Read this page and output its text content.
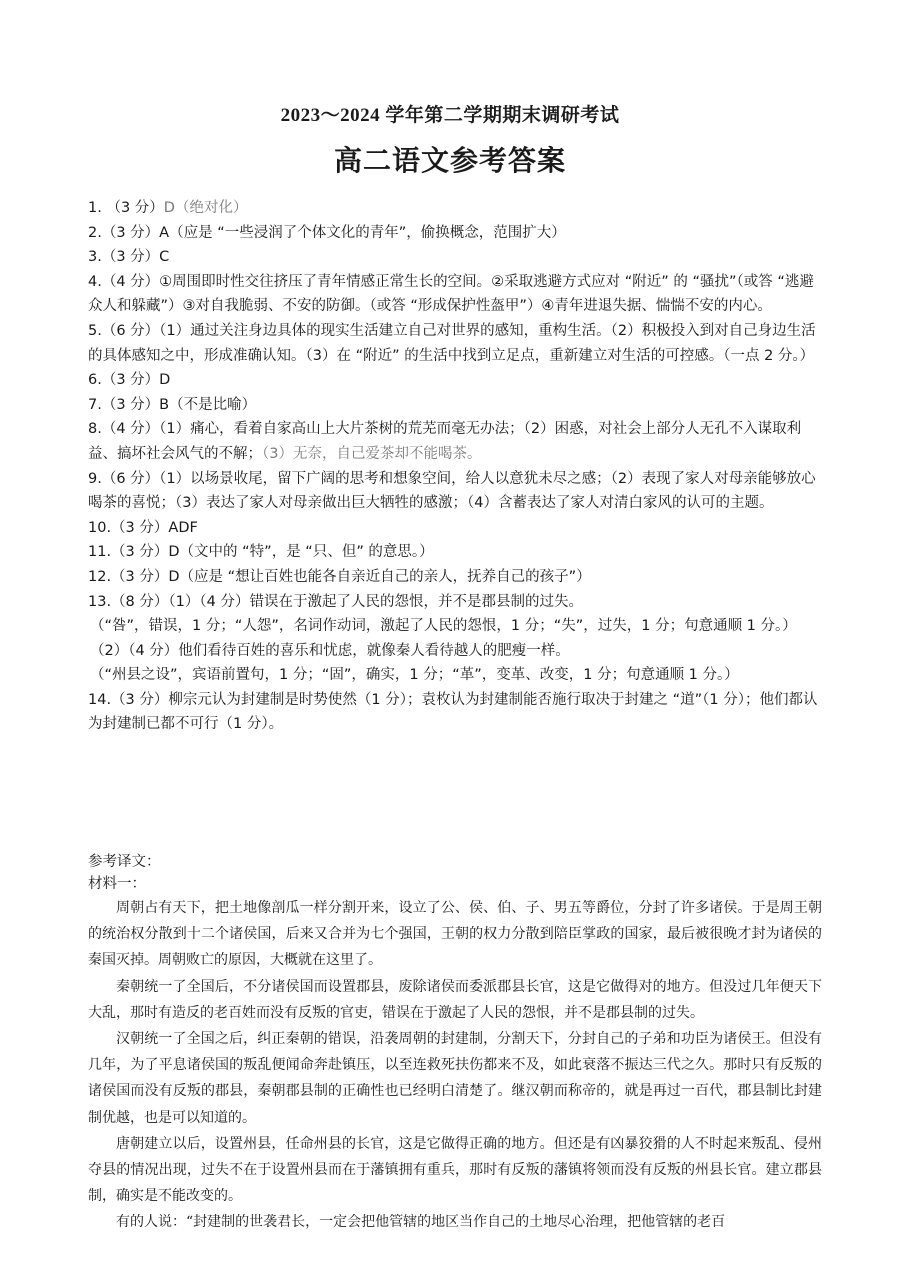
2023～2024 学年第二学期期末调研考试
高二语文参考答案

1. （3 分）D（绝对化）

2.（3 分）A（应是 “一些浸润了个体文化的青年”，偷换概念，范围扩大）

3.（3 分）C

4.（4 分）①周围即时性交往挤压了青年情感正常生长的空间。②采取逃避方式应对 “附近” 的 “骚扰”（或答 “逃避众人和躲藏”）③对自我脆弱、不安的防御。（或答 “形成保护性盔甲”）④青年进退失据、惴惴不安的内心。

5.（6 分）（1）通过关注身边具体的现实生活建立自己对世界的感知，重构生活。（2）积极投入到对自己身边生活的具体感知之中，形成准确认知。（3）在 “附近” 的生活中找到立足点，重新建立对生活的可控感。（一点 2 分。）

6.（3 分）D

7.（3 分）B（不是比喻）

8.（4 分）（1）痛心，看着自家高山上大片茶树的荒芜而毫无办法；（2）困惑，对社会上部分人无孔不入谋取利益、搞坏社会风气的不解；（3）无奈，自己爱茶却不能喝茶。

9.（6 分）（1）以场景收尾，留下广阔的思考和想象空间，给人以意犹未尽之感；（2）表现了家人对母亲能够放心喝茶的喜悦；（3）表达了家人对母亲做出巨大牺牲的感激；（4）含蓄表达了家人对清白家风的认可的主题。

10.（3 分）ADF

11.（3 分）D（文中的 “特”，是 “只、但” 的意思。）

12.（3 分）D（应是 “想让百姓也能各自亲近自己的亲人，抚养自己的孩子”）

13.（8 分）（1）（4 分）错误在于激起了人民的怨恨，并不是郡县制的过失。

（“咎”，错误，1 分；“人怨”，名词作动词，激起了人民的怨恨，1 分；“失”，过失，1 分；句意通顺 1 分。）

（2）（4 分）他们看待百姓的喜乐和忧虑，就像秦人看待越人的肥瘦一样。

（“州县之设”，宾语前置句，1 分；“固”，确实，1 分；“革”，变革、改变，1 分；句意通顺 1 分。）

14.（3 分）柳宗元认为封建制是时势使然（1 分）；袁枚认为封建制能否施行取决于封建之 “道”（1 分）；他们都认为封建制已都不可行（1 分）。

参考译文：

材料一：

周朝占有天下，把土地像剖瓜一样分割开来，设立了公、侯、伯、子、男五等爵位，分封了许多诸侯。于是周王朝的统治权分散到十二个诸侯国，后来又合并为七个强国，王朝的权力分散到陪臣掌政的国家，最后被很晚才封为诸侯的秦国灭掉。周朝败亡的原因，大概就在这里了。

秦朝统一了全国后，不分诸侯国而设置郡县，废除诸侯而委派郡县长官，这是它做得对的地方。但没过几年便天下大乱，那时有造反的老百姓而没有反叛的官吏，错误在于激起了人民的怨恨，并不是郡县制的过失。

汉朝统一了全国之后，纠正秦朝的错误，沿袭周朝的封建制，分割天下，分封自己的子弟和功臣为诸侯王。但没有几年，为了平息诸侯国的叛乱便闻命奔赴镇压，以至连救死扶伤都来不及，如此衰落不振达三代之久。那时只有反叛的诸侯国而没有反叛的郡县，秦朝郡县制的正确性也已经明白清楚了。继汉朝而称帝的，就是再过一百代，郡县制比封建制优越，也是可以知道的。

唐朝建立以后，设置州县，任命州县的长官，这是它做得正确的地方。但还是有凶暴狡猾的人不时起来叛乱、侵州夺县的情况出现，过失不在于设置州县而在于藩镇拥有重兵，那时有反叛的藩镇将领而没有反叛的州县长官。建立郡县制，确实是不能改变的。

有的人说：“封建制的世袭君长，一定会把他管辖的地区当作自己的土地尽心治理，把他管辖的老百
